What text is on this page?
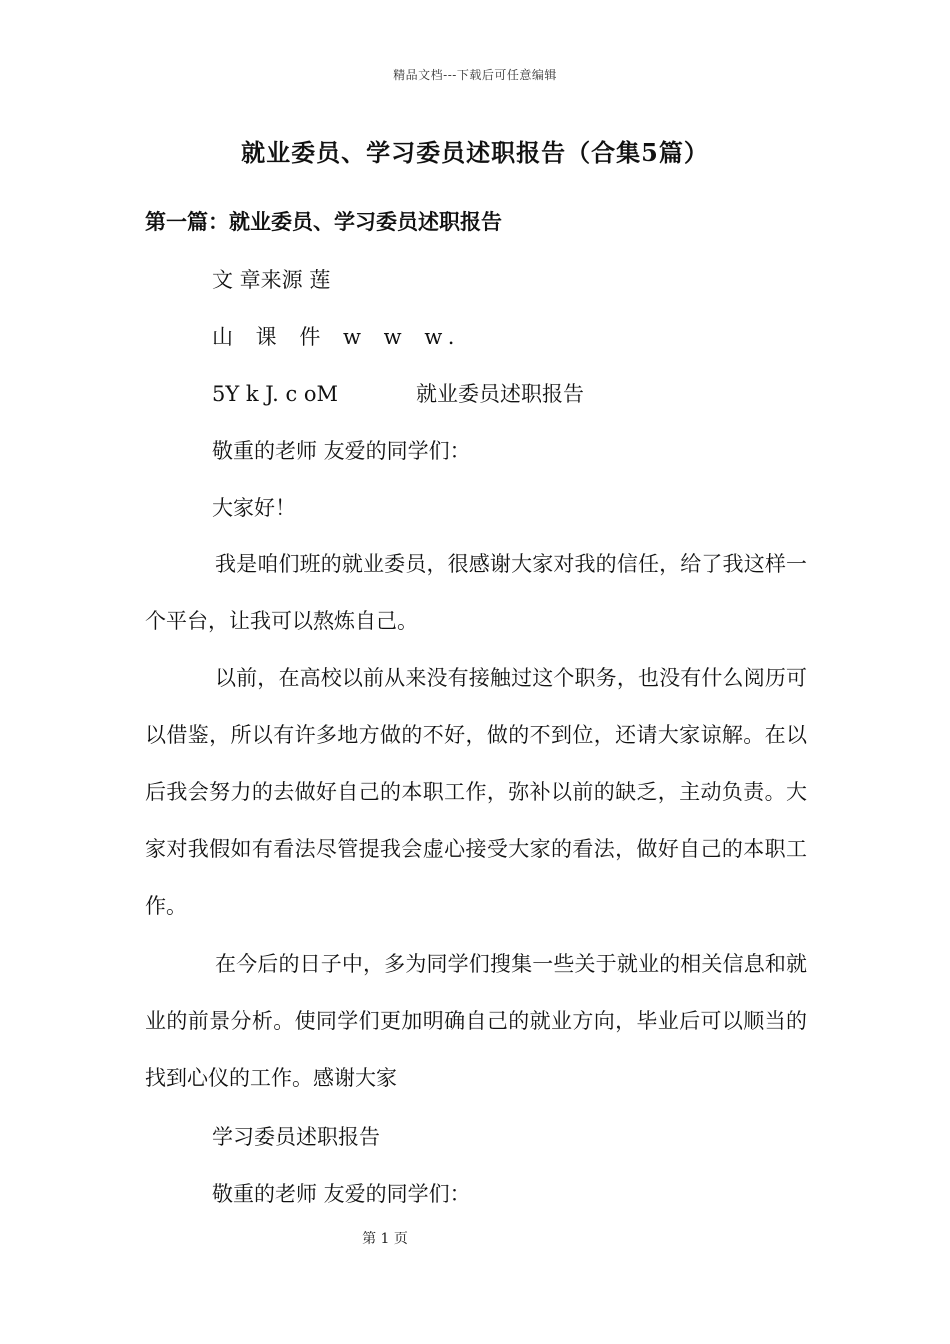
精品文档---下载后可任意编辑
就业委员、学习委员述职报告（合集5篇）
第一篇：就业委员、学习委员述职报告
文 章来源 莲
山 课 件 w w w.
5Y k J. c oM	就业委员述职报告
敬重的老师 友爱的同学们：
大家好！

我是咱们班的就业委员，很感谢大家对我的信任，给了我这样一个平台，让我可以熬炼自己。

以前，在高校以前从来没有接触过这个职务，也没有什么阅历可以借鉴，所以有许多地方做的不好，做的不到位，还请大家谅解。在以后我会努力的去做好自己的本职工作，弥补以前的缺乏，主动负责。大家对我假如有看法尽管提我会虚心接受大家的看法，做好自己的本职工作。

在今后的日子中，多为同学们搜集一些关于就业的相关信息和就业的前景分析。使同学们更加明确自己的就业方向，毕业后可以顺当的找到心仪的工作。感谢大家

学习委员述职报告
敬重的老师 友爱的同学们：
第 1 页
